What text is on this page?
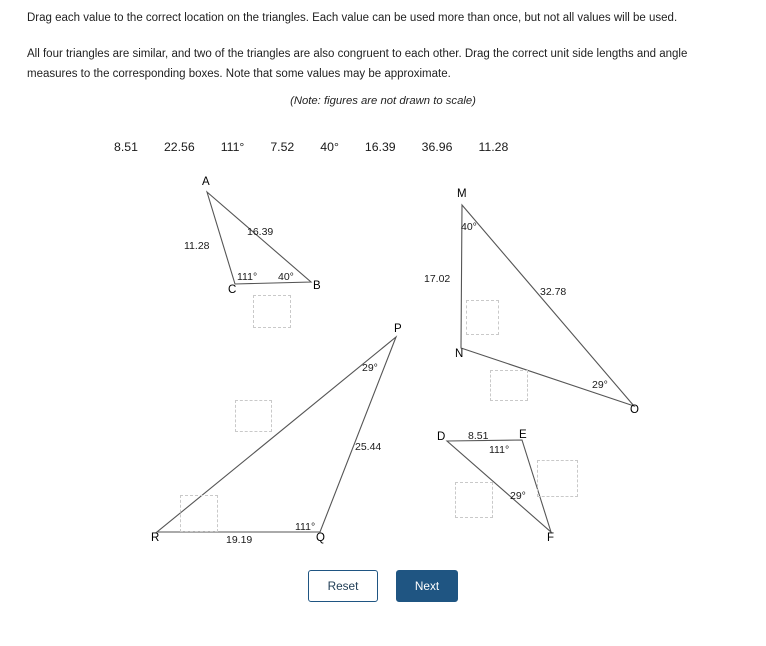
Drag each value to the correct location on the triangles. Each value can be used more than once, but not all values will be used.
All four triangles are similar, and two of the triangles are also congruent to each other. Drag the correct unit side lengths and angle measures to the corresponding boxes. Note that some values may be approximate.
(Note: figures are not drawn to scale)
8.51	22.56	111°	7.52	40°	16.39	36.96	11.28
A
C	B
11.28
16.39
111° 40°
M
N
O
40°
17.02
32.78
29°
P
Q
R
29°
25.44
111°
19.19
D	E
F
8.51
111°
29°
Reset	Next
